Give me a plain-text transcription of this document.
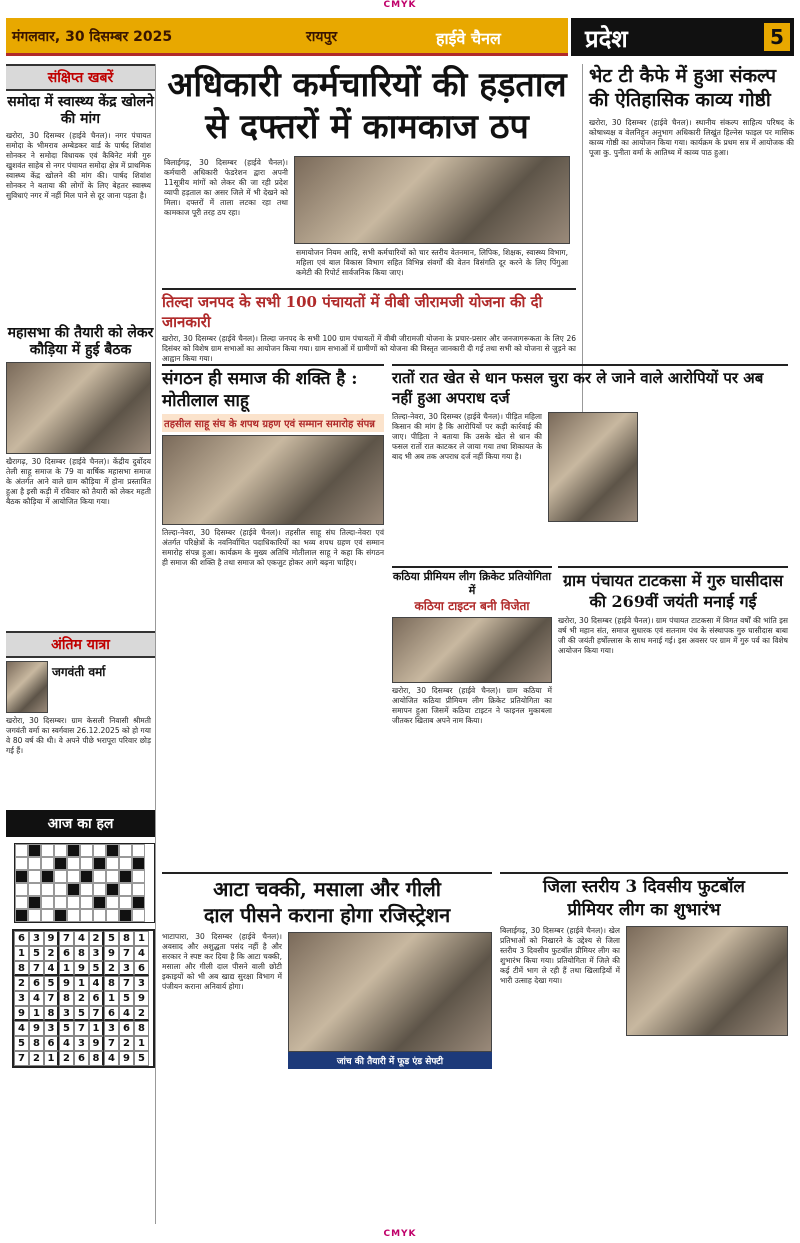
CMYK
मंगलवार, 30 दिसम्बर 2025	रायपुर	हाईवे चैनल	प्रदेश	5
संक्षिप्त खबरें
समोदा में स्वास्थ्य केंद्र खोलने की मांग
खरोरा, 30 दिसम्बर (हाईवे चैनल)। नगर पंचायत समोदा के भीमराव अम्बेडकर वार्ड के पार्षद शिवांश सोनकर ने समोदा विधायक एवं कैबिनेट मंत्री गुरु खुशवंत साहेब से नगर पंचायत समोदा क्षेत्र में प्राथमिक स्वास्थ्य केंद्र खोलने की मांग की। पार्षद शिवांश सोनकर ने बताया की लोगों के लिए बेहतर स्वास्थ्य सुविधाएं नगर में नहीं मिल पाने से दूर जाना पड़ता है।
महासभा की तैयारी को लेकर कौड़िया में हुई बैठक
खैरागढ़, 30 दिसम्बर (हाईवे चैनल)। केंद्रीय दुर्वोदय तेली साहू समाज के 79 वा वार्षिक महासभा समाज के अंतर्गत आने वाले ग्राम कौड़िया में होना प्रस्तावित हुआ है इसी कड़ी में रविवार को तैयारी को लेकर महती बैठक कौड़िया में आयोजित किया गया।
अंतिम यात्रा
जगवंती वर्मा
खरोरा, 30 दिसम्बर। ग्राम केसली निवासी श्रीमती जगवंती वर्मा का स्वर्गवास 26.12.2025 को हो गया वे 80 वर्ष की थी। वे अपने पीछे भरापूरा परिवार छोड़ गई हैं।
आज का हल
6 3 9 7 4 2 5 8 1
1 5 2 6 8 3 9 7 4
8 7 4 1 9 5 2 3 6
2 6 5 9 1 4 8 7 3
3 4 7 8 2 6 1 5 9
9 1 8 3 5 7 6 4 2
4 9 3 5 7 1 3 6 8
5 8 6 4 3 9 7 2 1
7 2 1 2 6 8 4 9 5
अधिकारी कर्मचारियों की हड़ताल
से दफ्तरों में कामकाज ठप
बिलाईगढ़, 30 दिसम्बर (हाईवे चैनल)। कर्मचारी अधिकारी फेडरेशन द्वारा अपनी 11सूत्रीय मांगों को लेकर की जा रही प्रदेश व्यापी हड़ताल का असर जिले में भी देखने को मिला। दफ्तरों में ताला लटका रहा तथा कामकाज पूरी तरह ठप रहा।
समायोजन नियम आदि, सभी कर्मचारियों को चार स्तरीय वेतनमान, लिपिक, शिक्षक, स्वास्थ्य विभाग, महिला एवं बाल विकास विभाग सहित विभिन्न संवर्गों की वेतन विसंगति दूर करने के लिए पिंगुआ कमेटी की रिपोर्ट सार्वजनिक किया जाए।
भेट टी कैफे में हुआ संकल्प की ऐतिहासिक काव्य गोष्ठी
खरोरा, 30 दिसम्बर (हाईवे चैनल)। स्थानीय संकल्प साहित्य परिषद के कोषाध्यक्ष व वेलनिहुन अनुभाग अधिकारी लिखुंत हिल्नेस फाइल पर मासिक काव्य गोष्ठी का आयोजन किया गया। कार्यक्रम के प्रथम सत्र में आयोजक की पूजा कु. पुनीता वर्मा के आतिथ्य में काव्य पाठ हुआ।
तिल्दा जनपद के सभी 100 पंचायतों में वीबी जीरामजी योजना की दी जानकारी
खरोरा, 30 दिसम्बर (हाईवे चैनल)। तिल्दा जनपद के सभी 100 ग्राम पंचायतों में वीबी जीरामजी योजना के प्रचार-प्रसार और जनजागरूकता के लिए 26 दिसंबर को विशेष ग्राम सभाओं का आयोजन किया गया। ग्राम सभाओं में ग्रामीणों को योजना की विस्तृत जानकारी दी गई तथा सभी को योजना से जुड़ने का आह्वान किया गया।
संगठन ही समाज की शक्ति है : मोतीलाल साहू
तहसील साहू संघ के शपथ ग्रहण एवं सम्मान समारोह संपन्न
तिल्दा-नेवरा, 30 दिसम्बर (हाईवे चैनल)। तहसील साहू संघ तिल्दा-नेवरा एवं अंतर्गत परिक्षेत्रों के नवनिर्वाचित पदाधिकारियों का भव्य शपथ ग्रहण एवं सम्मान समारोह संपन्न हुआ। कार्यक्रम के मुख्य अतिथि मोतीलाल साहू ने कहा कि संगठन ही समाज की शक्ति है तथा समाज को एकजुट होकर आगे बढ़ना चाहिए।
रातों रात खेत से धान फसल चुरा कर ले जाने वाले आरोपियों पर अब नहीं हुआ अपराध दर्ज
तिल्दा-नेवरा, 30 दिसम्बर (हाईवे चैनल)। पीड़ित महिला किसान की मांग है कि आरोपियों पर कड़ी कार्रवाई की जाए। पीड़िता ने बताया कि उसके खेत से धान की फसल रातों रात काटकर ले जाया गया तथा शिकायत के बाद भी अब तक अपराध दर्ज नहीं किया गया है।
कठिया प्रीमियम लीग क्रिकेट प्रतियोगिता में
कठिया टाइटन बनी विजेता
खरोरा, 30 दिसम्बर (हाईवे चैनल)। ग्राम कठिया में आयोजित कठिया प्रीमियम लीग क्रिकेट प्रतियोगिता का समापन हुआ जिसमें कठिया टाइटन ने फाइनल मुकाबला जीतकर खिताब अपने नाम किया।
ग्राम पंचायत टाटकसा में गुरु घासीदास की 269वीं जयंती मनाई गई
खरोरा, 30 दिसम्बर (हाईवे चैनल)। ग्राम पंचायत टाटकसा में विगत वर्षों की भांति इस वर्ष भी महान संत, समाज सुधारक एवं सतनाम पंथ के संस्थापक गुरु घासीदास बाबा जी की जयंती हर्षोल्लास के साथ मनाई गई। इस अवसर पर ग्राम में गुरु पर्व का विशेष आयोजन किया गया।
आटा चक्की, मसाला और गीली
दाल पीसने कराना होगा रजिस्ट्रेशन
भाटापारा, 30 दिसम्बर (हाईवे चैनल)। अवसाद और अशुद्धता पसंद नहीं है और सरकार ने स्पष्ट कर दिया है कि आटा चक्की, मसाला और गीली दाल पीसने वाली छोटी इकाइयों को भी अब खाद्य सुरक्षा विभाग में पंजीयन कराना अनिवार्य होगा।
जांच की तैयारी में फूड एंड सेफ्टी
जिला स्तरीय 3 दिवसीय फुटबॉल
प्रीमियर लीग का शुभारंभ
बिलाईगढ़, 30 दिसम्बर (हाईवे चैनल)। खेल प्रतिभाओं को निखारने के उद्देश्य से जिला स्तरीय 3 दिवसीय फुटबॉल प्रीमियर लीग का शुभारंभ किया गया। प्रतियोगिता में जिले की कई टीमें भाग ले रही हैं तथा खिलाड़ियों में भारी उत्साह देखा गया।
CMYK
